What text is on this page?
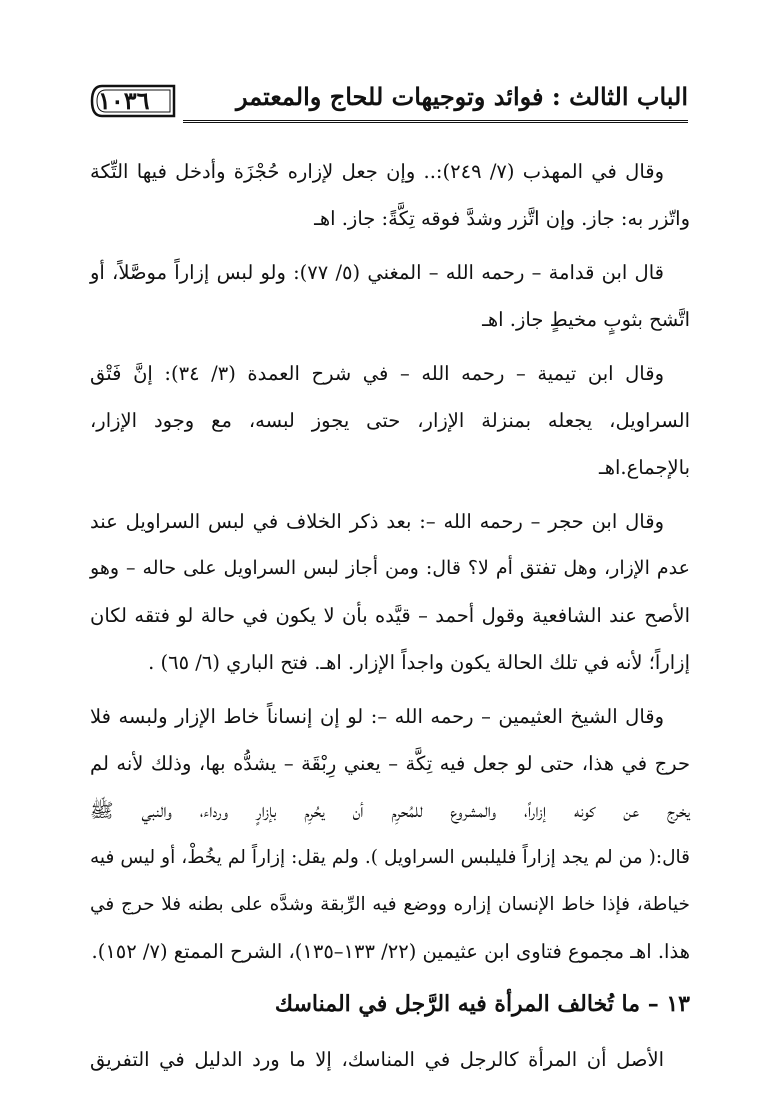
الباب الثالث : فوائد وتوجيهات للحاج والمعتمر
١٠٣٦
وقال في المهذب (٧/ ٢٤٩):.. وإن جعل لإزاره حُجْزَة وأدخل فيها التِّكة
واتّزر به: جاز. وإن اتَّزر وشدَّ فوقه تِكَّةً: جاز. اهـ
قال ابن قدامة – رحمه الله – المغني (٥/ ٧٧): ولو لبس إزاراً موصَّلاً، أو
اتَّشح بثوبٍ مخيطٍ جاز. اهـ
وقال ابن تيمية – رحمه الله – في شرح العمدة (٣/ ٣٤): إنَّ فَتْق
السراويل، يجعله بمنزلة الإزار، حتى يجوز لبسه، مع وجود الإزار،
بالإجماع.اهـ
وقال ابن حجر – رحمه الله –: بعد ذكر الخلاف في لبس السراويل عند
عدم الإزار، وهل تفتق أم لا؟ قال: ومن أجاز لبس السراويل على حاله – وهو
الأصح عند الشافعية وقول أحمد – قيَّده بأن لا يكون في حالة لو فتقه لكان
إزاراً؛ لأنه في تلك الحالة يكون واجداً الإزار. اهـ. فتح الباري (٦/ ٦٥) .
وقال الشيخ العثيمين – رحمه الله –: لو إن إنساناً خاط الإزار ولبسه فلا
حرج في هذا، حتى لو جعل فيه تِكَّة – يعني رِبْقَة – يشدُّه بها، وذلك لأنه لم
يخرج عن كونه إزاراً، والمشروع للمُحرِم أن يحُرِم بإزارٍ ورداء، والنبي ﷺ
قال:( من لم يجد إزاراً فليلبس السراويل ). ولم يقل: إزاراً لم يخُطْ، أو ليس فيه
خياطة، فإذا خاط الإنسان إزاره ووضع فيه الرِّبقة وشدَّه على بطنه فلا حرج في
هذا. اهـ مجموع فتاوى ابن عثيمين (٢٢/ ١٣٣–١٣٥)، الشرح الممتع (٧/ ١٥٢).
١٣ – ما تُخالف المرأة فيه الرَّجل في المناسك
الأصل أن المرأة كالرجل في المناسك، إلا ما ورد الدليل في التفريق
